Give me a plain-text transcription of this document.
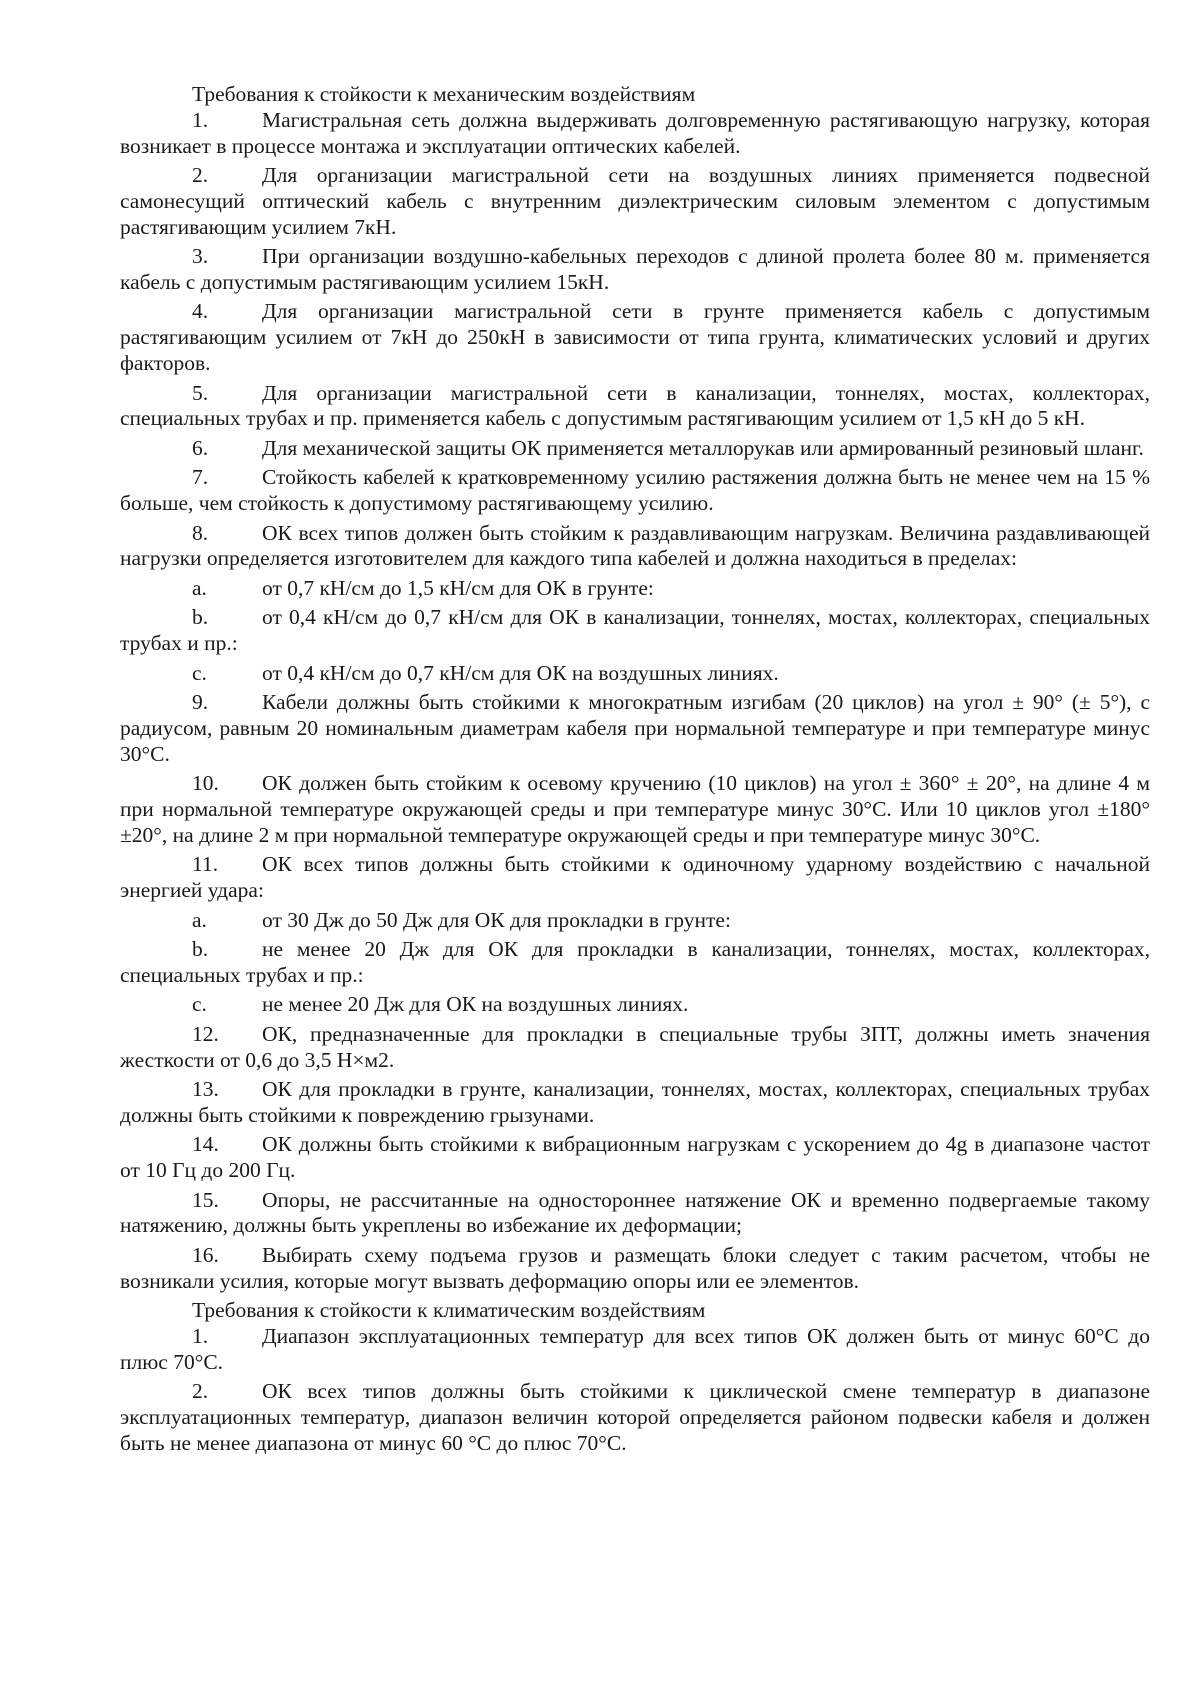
Требования к стойкости к механическим воздействиям

1.	Магистральная сеть должна выдерживать долговременную растягивающую нагрузку, которая возникает в процессе монтажа и эксплуатации оптических кабелей.

2.	Для организации магистральной сети на воздушных линиях применяется подвесной самонесущий оптический кабель с внутренним диэлектрическим силовым элементом с допустимым растягивающим усилием 7кН.

3.	При организации воздушно-кабельных переходов с длиной пролета более 80 м. применяется кабель с допустимым растягивающим усилием 15кН.

4.	Для организации магистральной сети в грунте применяется кабель с допустимым растягивающим усилием от 7кН до 250кН в зависимости от типа грунта, климатических условий и других факторов.

5.	Для организации магистральной сети в канализации, тоннелях, мостах, коллекторах, специальных трубах и пр. применяется кабель с допустимым растягивающим усилием от 1,5 кН до 5 кН.

6.	Для механической защиты ОК применяется металлорукав или армированный резиновый шланг.

7.	Стойкость кабелей к кратковременному усилию растяжения должна быть не менее чем на 15 % больше, чем стойкость к допустимому растягивающему усилию.

8.	ОК всех типов должен быть стойким к раздавливающим нагрузкам. Величина раздавливающей нагрузки определяется изготовителем для каждого типа кабелей и должна находиться в пределах:

a.	от 0,7 кН/см до 1,5 кН/см для ОК в грунте:

b.	от 0,4 кН/см до 0,7 кН/см для ОК в канализации, тоннелях, мостах, коллекторах, специальных трубах и пр.:

c.	от 0,4 кН/см до 0,7 кН/см для ОК на воздушных линиях.

9.	Кабели должны быть стойкими к многократным изгибам (20 циклов) на угол ± 90° (± 5°), с радиусом, равным 20 номинальным диаметрам кабеля при нормальной температуре и при температуре минус 30°С.

10. ОК должен быть стойким к осевому кручению (10 циклов) на угол ± 360° ± 20°, на длине 4 м при нормальной температуре окружающей среды и при температуре минус 30°С. Или 10 циклов угол ±180° ±20°, на длине 2 м при нормальной температуре окружающей среды и при температуре минус 30°С.

11. ОК всех типов должны быть стойкими к одиночному ударному воздействию с начальной энергией удара:

a.	от 30 Дж до 50 Дж для ОК для прокладки в грунте:

b.	не менее 20 Дж для ОК для прокладки в канализации, тоннелях, мостах, коллекторах, специальных трубах и пр.:

c.	не менее 20 Дж для ОК на воздушных линиях.

12. ОК, предназначенные для прокладки в специальные трубы ЗПТ, должны иметь значения жесткости от 0,6 до 3,5 Н×м2.

13. ОК для прокладки в грунте, канализации, тоннелях, мостах, коллекторах, специальных трубах должны быть стойкими к повреждению грызунами.

14. ОК должны быть стойкими к вибрационным нагрузкам с ускорением до 4g в диапазоне частот от 10 Гц до 200 Гц.

15. Опоры, не рассчитанные на одностороннее натяжение ОК и временно подвергаемые такому натяжению, должны быть укреплены во избежание их деформации;

16. Выбирать схему подъема грузов и размещать блоки следует с таким расчетом, чтобы не возникали усилия, которые могут вызвать деформацию опоры или ее элементов.

Требования к стойкости к климатическим воздействиям

1.	Диапазон эксплуатационных температур для всех типов ОК должен быть от минус 60°С до плюс 70°С.

2.	ОК всех типов должны быть стойкими к циклической смене температур в диапазоне эксплуатационных температур, диапазон величин которой определяется районом подвески кабеля и должен быть не менее диапазона от минус 60 °С до плюс 70°С.
